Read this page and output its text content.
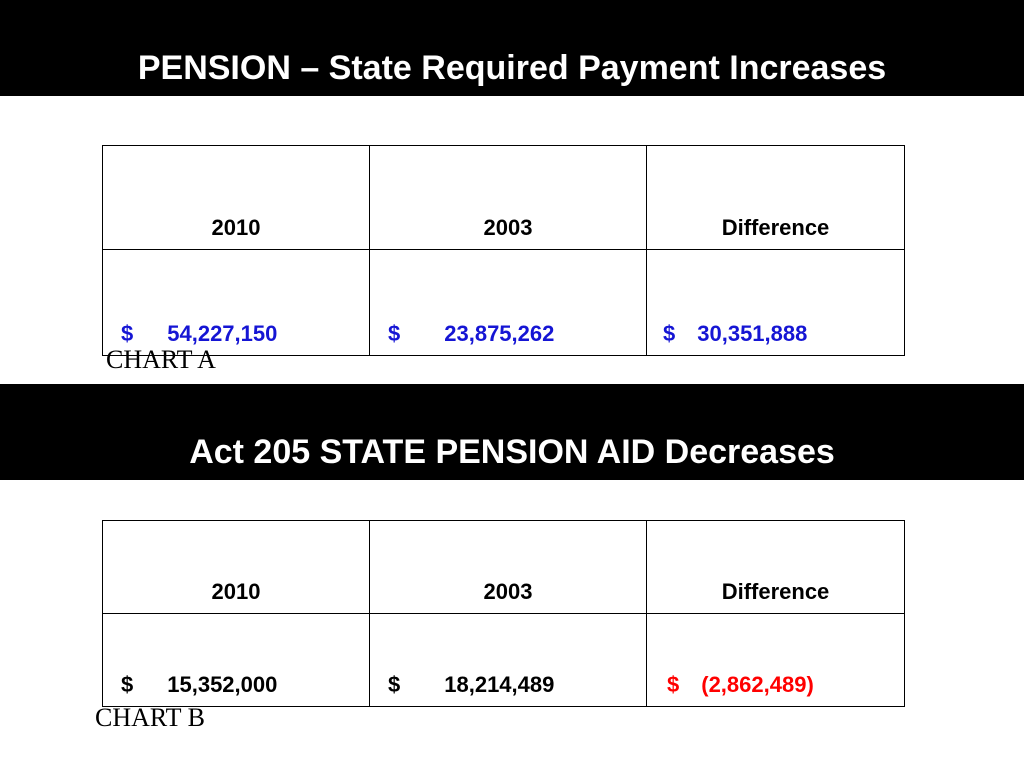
PENSION – State Required Payment Increases
2010	2003	Difference
$ 54,227,150	$ 23,875,262	$ 30,351,888
CHART A
Act 205 STATE PENSION AID Decreases
2010	2003	Difference
$ 15,352,000	$ 18,214,489	$ (2,862,489)
CHART B
